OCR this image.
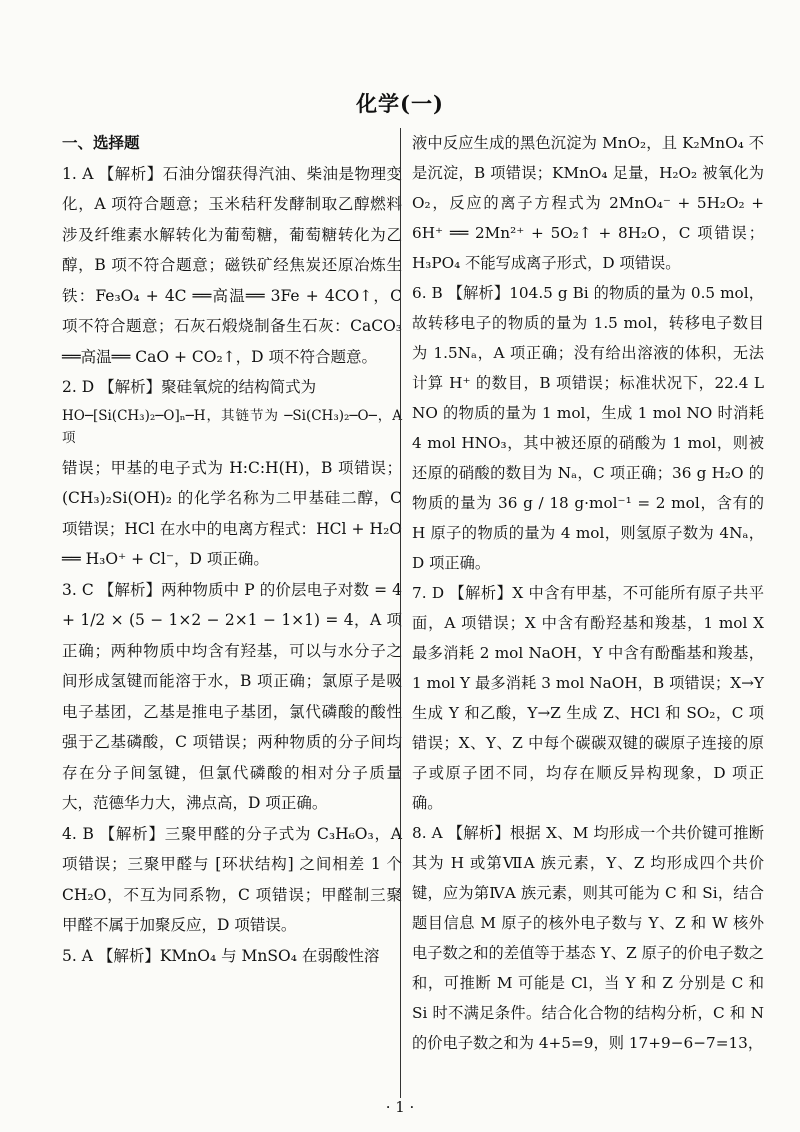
化学(一)

一、选择题

1. A 【解析】石油分馏获得汽油、柴油是物理变化，A 项符合题意；玉米秸秆发酵制取乙醇燃料涉及纤维素水解转化为葡萄糖，葡萄糖转化为乙醇，B 项不符合题意；磁铁矿经焦炭还原冶炼生铁：Fe₃O₄ + 4C ══高温══ 3Fe + 4CO↑，C 项不符合题意；石灰石煅烧制备生石灰：CaCO₃ ══高温══ CaO + CO₂↑，D 项不符合题意。

2. D 【解析】聚硅氧烷的结构简式为

HO─[Si(CH₃)₂─O]ₙ─H，其链节为 ─Si(CH₃)₂─O─，A 项

错误；甲基的电子式为 H:C:H(H)，B 项错误；(CH₃)₂Si(OH)₂ 的化学名称为二甲基硅二醇，C 项错误；HCl 在水中的电离方程式：HCl + H₂O ══ H₃O⁺ + Cl⁻，D 项正确。

3. C 【解析】两种物质中 P 的价层电子对数 = 4 + 1/2 × (5 − 1×2 − 2×1 − 1×1) = 4，A 项正确；两种物质中均含有羟基，可以与水分子之间形成氢键而能溶于水，B 项正确；氯原子是吸电子基团，乙基是推电子基团，氯代磷酸的酸性强于乙基磷酸，C 项错误；两种物质的分子间均存在分子间氢键，但氯代磷酸的相对分子质量大，范德华力大，沸点高，D 项正确。

4. B 【解析】三聚甲醛的分子式为 C₃H₆O₃，A 项错误；三聚甲醛与 [环状结构] 之间相差 1 个 CH₂O，不互为同系物，C 项错误；甲醛制三聚甲醛不属于加聚反应，D 项错误。

5. A 【解析】KMnO₄ 与 MnSO₄ 在弱酸性溶

液中反应生成的黑色沉淀为 MnO₂，且 K₂MnO₄ 不是沉淀，B 项错误；KMnO₄ 足量，H₂O₂ 被氧化为 O₂，反应的离子方程式为 2MnO₄⁻ + 5H₂O₂ + 6H⁺ ══ 2Mn²⁺ + 5O₂↑ + 8H₂O，C 项错误；H₃PO₄ 不能写成离子形式，D 项错误。

6. B 【解析】104.5 g Bi 的物质的量为 0.5 mol，故转移电子的物质的量为 1.5 mol，转移电子数目为 1.5Nₐ，A 项正确；没有给出溶液的体积，无法计算 H⁺ 的数目，B 项错误；标准状况下，22.4 L NO 的物质的量为 1 mol，生成 1 mol NO 时消耗 4 mol HNO₃，其中被还原的硝酸为 1 mol，则被还原的硝酸的数目为 Nₐ，C 项正确；36 g H₂O 的物质的量为 36 g / 18 g·mol⁻¹ = 2 mol，含有的 H 原子的物质的量为 4 mol，则氢原子数为 4Nₐ，D 项正确。

7. D 【解析】X 中含有甲基，不可能所有原子共平面，A 项错误；X 中含有酚羟基和羧基，1 mol X 最多消耗 2 mol NaOH，Y 中含有酚酯基和羧基，1 mol Y 最多消耗 3 mol NaOH，B 项错误；X→Y 生成 Y 和乙酸，Y→Z 生成 Z、HCl 和 SO₂，C 项错误；X、Y、Z 中每个碳碳双键的碳原子连接的原子或原子团不同，均存在顺反异构现象，D 项正确。

8. A 【解析】根据 X、M 均形成一个共价键可推断其为 H 或第ⅦA 族元素，Y、Z 均形成四个共价键，应为第ⅣA 族元素，则其可能为 C 和 Si，结合题目信息 M 原子的核外电子数与 Y、Z 和 W 核外电子数之和的差值等于基态 Y、Z 原子的价电子数之和，可推断 M 可能是 Cl，当 Y 和 Z 分别是 C 和 Si 时不满足条件。结合化合物的结构分析，C 和 N 的价电子数之和为 4+5=9，则 17+9−6−7=13，

· 1 ·
